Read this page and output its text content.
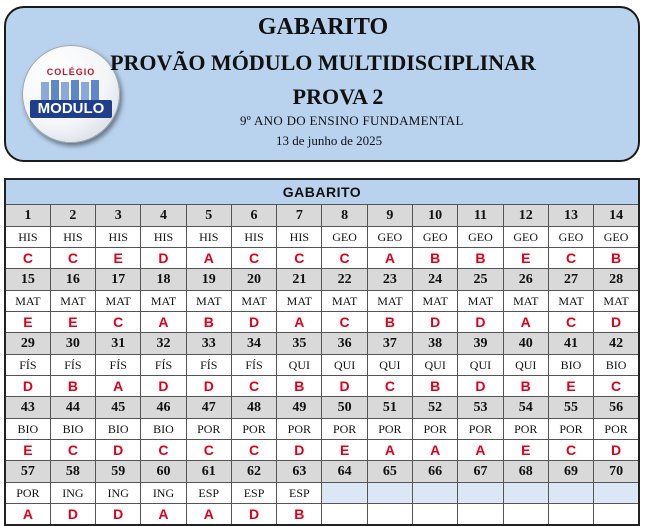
COLÉGIO
MODULO
GABARITO
PROVÃO MÓDULO MULTIDISCIPLINAR
PROVA 2
9º ANO DO ENSINO FUNDAMENTAL
13 de junho de 2025
GABARITO													
1	2	3	4	5	6	7	8	9	10	11	12	13	14
HIS	HIS	HIS	HIS	HIS	HIS	HIS	GEO	GEO	GEO	GEO	GEO	GEO	GEO
C	C	E	D	A	C	C	C	A	B	B	E	C	B
15	16	17	18	19	20	21	22	23	24	25	26	27	28
MAT	MAT	MAT	MAT	MAT	MAT	MAT	MAT	MAT	MAT	MAT	MAT	MAT	MAT
E	E	C	A	B	D	A	C	B	D	D	A	C	D
29	30	31	32	33	34	35	36	37	38	39	40	41	42
FÍS	FÍS	FÍS	FÍS	FÍS	FÍS	QUI	QUI	QUI	QUI	QUI	QUI	BIO	BIO
D	B	A	D	D	C	B	D	C	B	D	B	E	C
43	44	45	46	47	48	49	50	51	52	53	54	55	56
BIO	BIO	BIO	BIO	POR	POR	POR	POR	POR	POR	POR	POR	POR	POR
E	C	D	C	C	C	D	E	A	A	A	E	C	D
57	58	59	60	61	62	63	64	65	66	67	68	69	70
POR	ING	ING	ING	ESP	ESP	ESP							
A	D	D	A	A	D	B							
